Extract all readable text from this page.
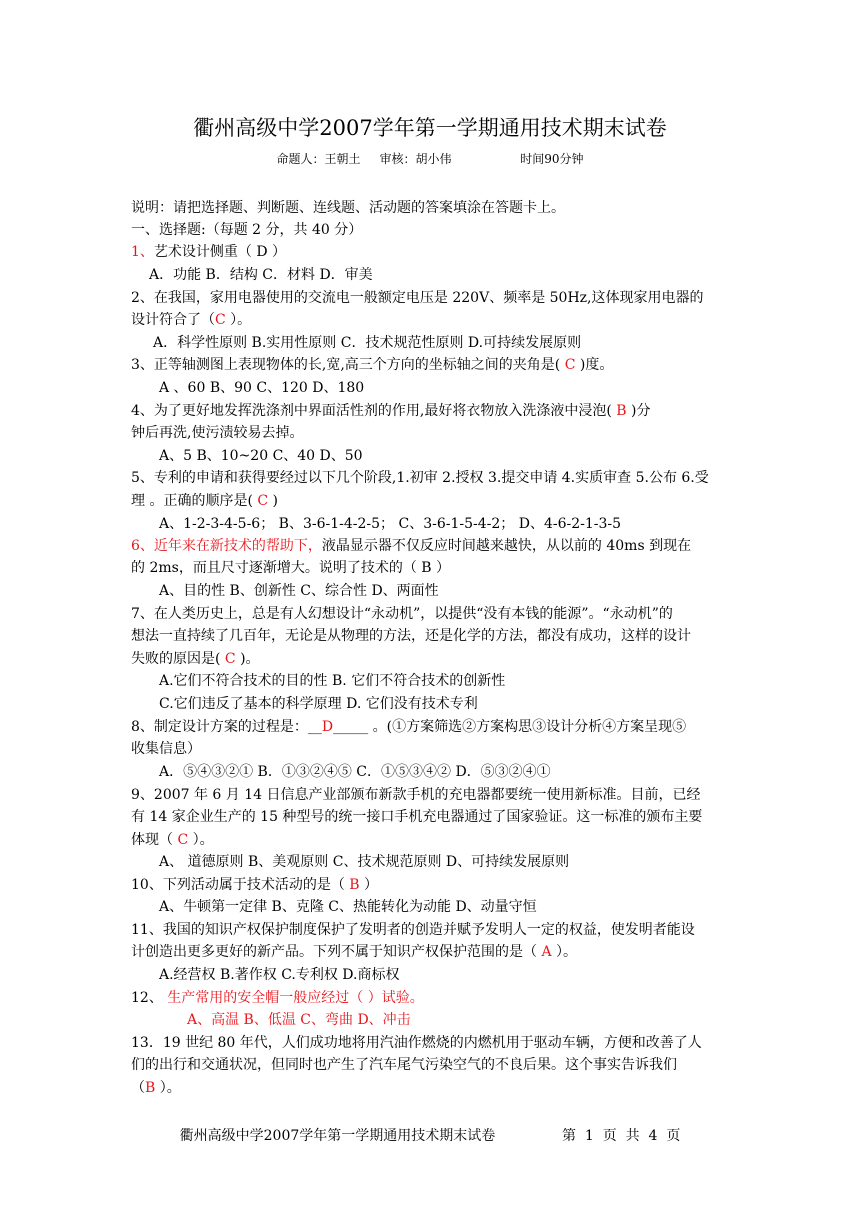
衢州高级中学2007学年第一学期通用技术期末试卷
命题人：王朝土     审核：胡小伟                  时间90分钟
说明：请把选择题、判断题、连线题、活动题的答案填涂在答题卡上。
一、选择题:（每题 2 分，共 40 分）
1、艺术设计侧重（ D ）
A．功能 B．结构 C．材料 D．审美
2、在我国，家用电器使用的交流电一般额定电压是 220V、频率是 50Hz,这体现家用电器的
设计符合了（C ）。
A．科学性原则 B.实用性原则 C．技术规范性原则 D.可持续发展原则
3、正等轴测图上表现物体的长,宽,高三个方向的坐标轴之间的夹角是( C )度。
A 、60 B、90 C、120 D、180
4、为了更好地发挥洗涤剂中界面活性剂的作用,最好将衣物放入洗涤液中浸泡( B )分
钟后再洗,使污渍较易去掉。
A、5 B、10~20 C、40 D、50
5、专利的申请和获得要经过以下几个阶段,1.初审 2.授权 3.提交申请 4.实质审查 5.公布 6.受
理 。正确的顺序是( C )
A、1-2-3-4-5-6； B、3-6-1-4-2-5； C、3-6-1-5-4-2； D、4-6-2-1-3-5
6、近年来在新技术的帮助下，液晶显示器不仅反应时间越来越快，从以前的 40ms 到现在
的 2ms，而且尺寸逐渐增大。说明了技术的（ B ）
A、目的性 B、创新性 C、综合性 D、两面性
7、在人类历史上，总是有人幻想设计“永动机”，以提供“没有本钱的能源”。“永动机”的
想法一直持续了几百年，无论是从物理的方法，还是化学的方法，都没有成功，这样的设计
失败的原因是( C )。
A.它们不符合技术的目的性 B. 它们不符合技术的创新性
C.它们违反了基本的科学原理 D. 它们没有技术专利
8、制定设计方案的过程是：__D_____ 。(①方案筛选②方案构思③设计分析④方案呈现⑤
收集信息）
A．⑤④③②① B．①③②④⑤ C．①⑤③④② D．⑤③②④①
9、2007 年 6 月 14 日信息产业部颁布新款手机的充电器都要统一使用新标准。目前，已经
有 14 家企业生产的 15 种型号的统一接口手机充电器通过了国家验证。这一标准的颁布主要
体现（ C ）。
A、 道德原则 B、美观原则 C、技术规范原则 D、可持续发展原则
10、下列活动属于技术活动的是（ B ）
A、牛顿第一定律 B、克隆 C、热能转化为动能 D、动量守恒
11、我国的知识产权保护制度保护了发明者的创造并赋予发明人一定的权益，使发明者能设
计创造出更多更好的新产品。下列不属于知识产权保护范围的是（ A ）。
A.经营权 B.著作权 C.专利权 D.商标权
12、 生产常用的安全帽一般应经过（ ）试验。
A、高温 B、低温 C、弯曲 D、冲击
13．19 世纪 80 年代，人们成功地将用汽油作燃烧的内燃机用于驱动车辆，方便和改善了人
们的出行和交通状况，但同时也产生了汽车尾气污染空气的不良后果。这个事实告诉我们
（B ）。
衢州高级中学2007学年第一学期通用技术期末试卷               第  1  页  共  4  页
